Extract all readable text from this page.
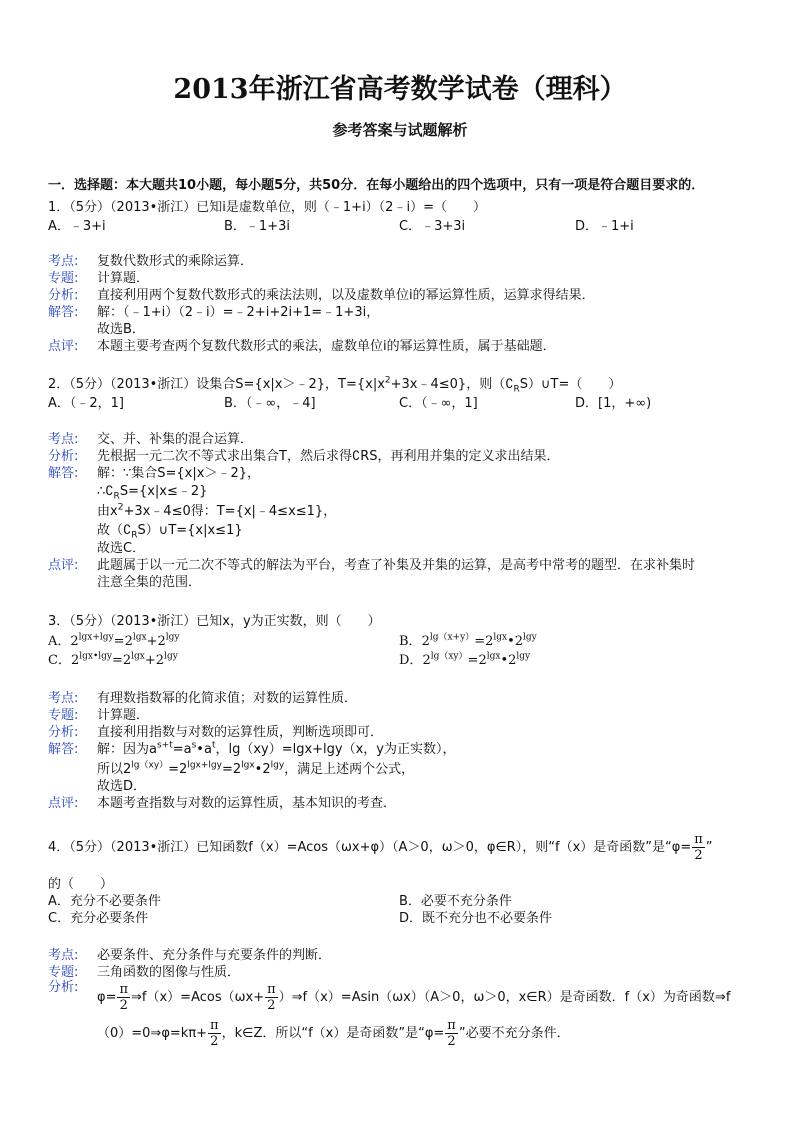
2013年浙江省高考数学试卷（理科）
参考答案与试题解析
一．选择题：本大题共10小题，每小题5分，共50分．在每小题给出的四个选项中，只有一项是符合题目要求的．
1．（5分）（2013•浙江）已知i是虚数单位，则（﹣1+i）（2﹣i）=（　　）
A．﹣3+i	B．﹣1+3i	C．﹣3+3i	D．﹣1+i
考点: 复数代数形式的乘除运算．
专题: 计算题．
分析: 直接利用两个复数代数形式的乘法法则，以及虚数单位i的幂运算性质，运算求得结果．
解答: 解：（﹣1+i）（2﹣i）=﹣2+i+2i+1=﹣1+3i，
故选B．
点评: 本题主要考查两个复数代数形式的乘法，虚数单位i的幂运算性质，属于基础题．
2．（5分）（2013•浙江）设集合S={x|x＞﹣2}，$T=\{x|x^2+3x﹣4\le 0\}$，则$(∁_RS)\cup T=$（　　）
A．（﹣2，1]	B．（﹣∞，﹣4]	C．（﹣∞，1]	D．[1，+∞)
考点: 交、并、补集的混合运算．
分析: 先根据一元二次不等式求出集合T，然后求得∁RS，再利用并集的定义求出结果．
解答: 解：∵集合S={x|x＞﹣2}，
$\therefore∁_RS=\{x|x\le﹣2\}$
由$x^2+3x﹣4\le 0$得：T={x|﹣4≤x≤1}，
故$(∁_RS)\cup T=\{x|x\le 1\}$
故选C．
点评: 此题属于以一元二次不等式的解法为平台，考查了补集及并集的运算，是高考中常考的题型．在求补集时
注意全集的范围．
3．（5分）（2013•浙江）已知x，y为正实数，则（　　）
A．$2^{lgx+lgy}=2^{lgx}+2^{lgy}$	B．$2^{lg(x+y)}=2^{lgx}•2^{lgy}$
C．$2^{lgx•lgy}=2^{lgx}+2^{lgy}$	D．$2^{lg(xy)}=2^{lgx}•2^{lgy}$
考点: 有理数指数幂的化简求值；对数的运算性质．
专题: 计算题．
分析: 直接利用指数与对数的运算性质，判断选项即可．
解答: 解：因为$a^{s+t}=a^s•a^t$，lg（xy）=lgx+lgy（x，y为正实数），
所以$2^{lg(xy)}=2^{lgx+lgy}=2^{lgx}•2^{lgy}$，满足上述两个公式，
故选D．
点评: 本题考查指数与对数的运算性质，基本知识的考查．
4．（5分）（2013•浙江）已知函数f（x）=Acos（ωx+φ）（A＞0，ω＞0，φ∈R），则“f（x）是奇函数”是“$\varphi= \frac{\pi}{2}$ ”
的（　　）
A．充分不必要条件	B．必要不充分条件
C．充分必要条件	D．既不充分也不必要条件
考点: 必要条件、充分条件与充要条件的判断．
专题: 三角函数的图像与性质．
分析:
$\varphi= \frac{\pi}{2}$ ⇒f（x）=Acos（ωx+ $\frac{\pi}{2}$ ）⇒f（x）=Asin（ωx）（A＞0，ω＞0，x∈R）是奇函数．f（x）为奇函数⇒f
（0）=0⇒φ=kπ+ $\frac{\pi}{2}$ ，k∈Z．所以“f（x）是奇函数”是“$\varphi= \frac{\pi}{2}$ ”必要不充分条件．
